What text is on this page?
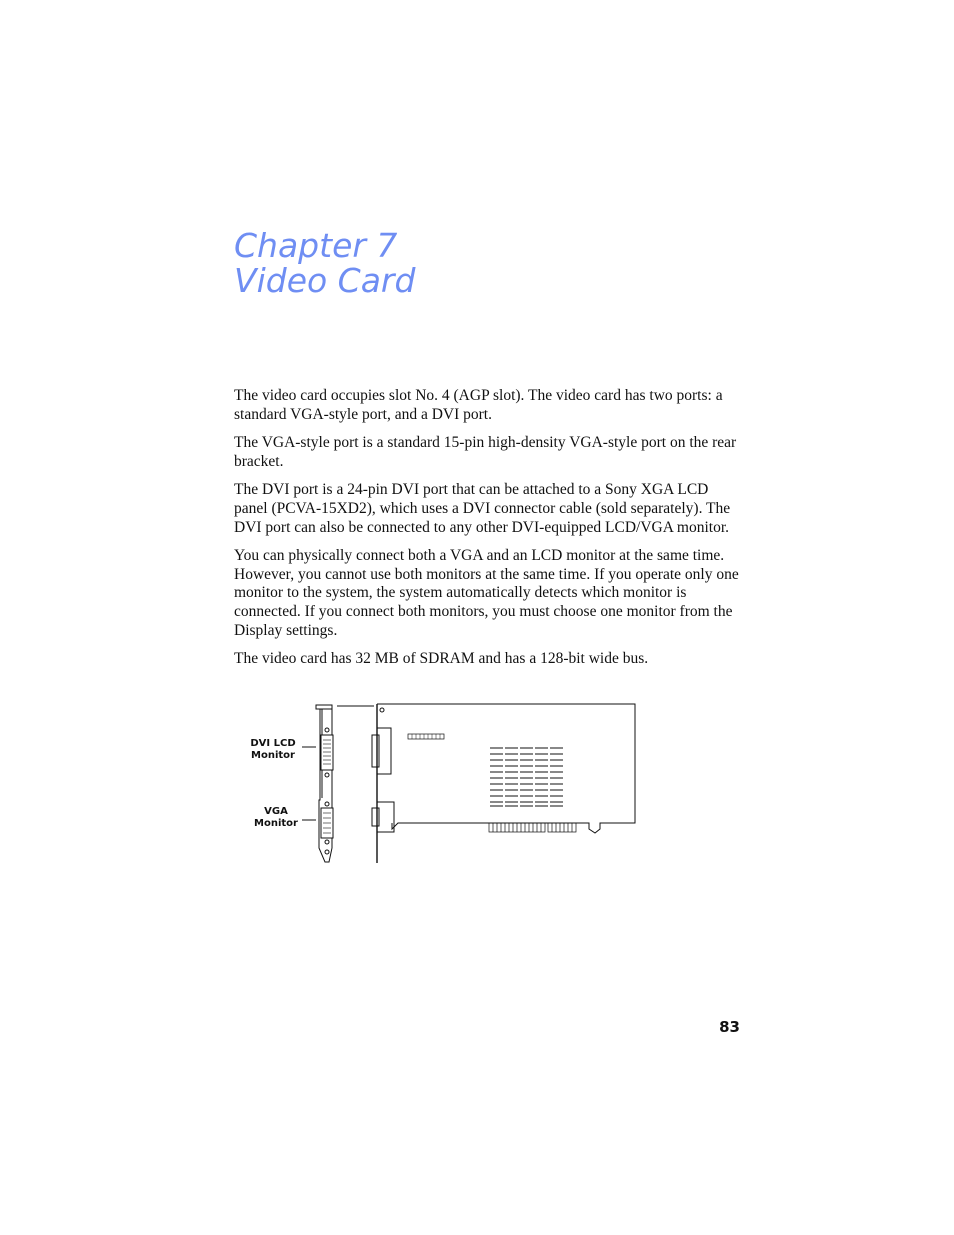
Chapter 7
Video Card

The video card occupies slot No. 4 (AGP slot). The video card has two ports: a standard VGA-style port, and a DVI port.

The VGA-style port is a standard 15-pin high-density VGA-style port on the rear bracket.

The DVI port is a 24-pin DVI port that can be attached to a Sony XGA LCD panel (PCVA-15XD2), which uses a DVI connector cable (sold separately). The DVI port can also be connected to any other DVI-equipped LCD/VGA monitor.

You can physically connect both a VGA and an LCD monitor at the same time. However, you cannot use both monitors at the same time. If you operate only one monitor to the system, the system automatically detects which monitor is connected. If you connect both monitors, you must choose one monitor from the Display settings.

The video card has 32 MB of SDRAM and has a 128-bit wide bus.

DVI LCD
Monitor
VGA
Monitor
83
